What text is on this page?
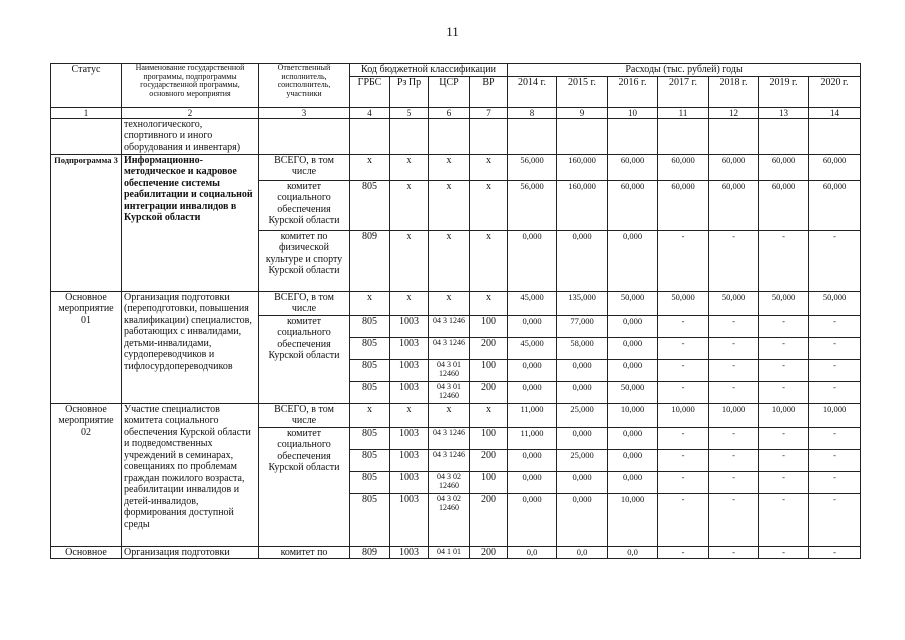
11
Статус	Наименование государственной программы, подпрограммы государственной программы, основного мероприятия	Ответственный исполнитель, соисполнитель, участники	Код бюджетной классификации				Расходы (тыс. рублей) годы						
			ГРБС	Рз Пр	ЦСР	ВР	2014 г.	2015 г.	2016 г.	2017 г.	2018 г.	2019 г.	2020 г.
1	2	3	4	5	6	7	8	9	10	11	12	13	14
	технологического, спортивного и иного оборудования и инвентаря)												
Подпрограмма 3	Информационно-методическое и кадровое обеспечение системы реабилитации и социальной интеграции инвалидов в Курской области	ВСЕГО, в том числе	x	x	x	x	56,000	160,000	60,000	60,000	60,000	60,000	60,000
		комитет социального обеспечения Курской области	805	x	x	x	56,000	160,000	60,000	60,000	60,000	60,000	60,000
		комитет по физической культуре и спорту Курской области	809	x	x	x	0,000	0,000	0,000	-	-	-	-
Основное мероприятие 01	Организация подготовки (переподготовки, повышения квалификации) специалистов, работающих с инвалидами, детьми-инвалидами, сурдопереводчиков и тифлосурдопереводчиков	ВСЕГО, в том числе	x	x	x	x	45,000	135,000	50,000	50,000	50,000	50,000	50,000
		комитет социального обеспечения Курской области	805	1003	04 3 1246	100	0,000	77,000	0,000	-	-	-	-
			805	1003	04 3 1246	200	45,000	58,000	0,000	-	-	-	-
			805	1003	04 3 01 12460	100	0,000	0,000	0,000	-	-	-	-
			805	1003	04 3 01 12460	200	0,000	0,000	50,000	-	-	-	-
Основное мероприятие 02	Участие специалистов комитета социального обеспечения Курской области и подведомственных учреждений в семинарах, совещаниях по проблемам граждан пожилого возраста, реабилитации инвалидов и детей-инвалидов, формирования доступной среды	ВСЕГО, в том числе	x	x	x	x	11,000	25,000	10,000	10,000	10,000	10,000	10,000
		комитет социального обеспечения Курской области	805	1003	04 3 1246	100	11,000	0,000	0,000	-	-	-	-
			805	1003	04 3 1246	200	0,000	25,000	0,000	-	-	-	-
			805	1003	04 3 02 12460	100	0,000	0,000	0,000	-	-	-	-
			805	1003	04 3 02 12460	200	0,000	0,000	10,000	-	-	-	-
Основное	Организация подготовки	комитет по	809	1003	04 1 01	200	0,0	0,0	0,0	-	-	-	-
